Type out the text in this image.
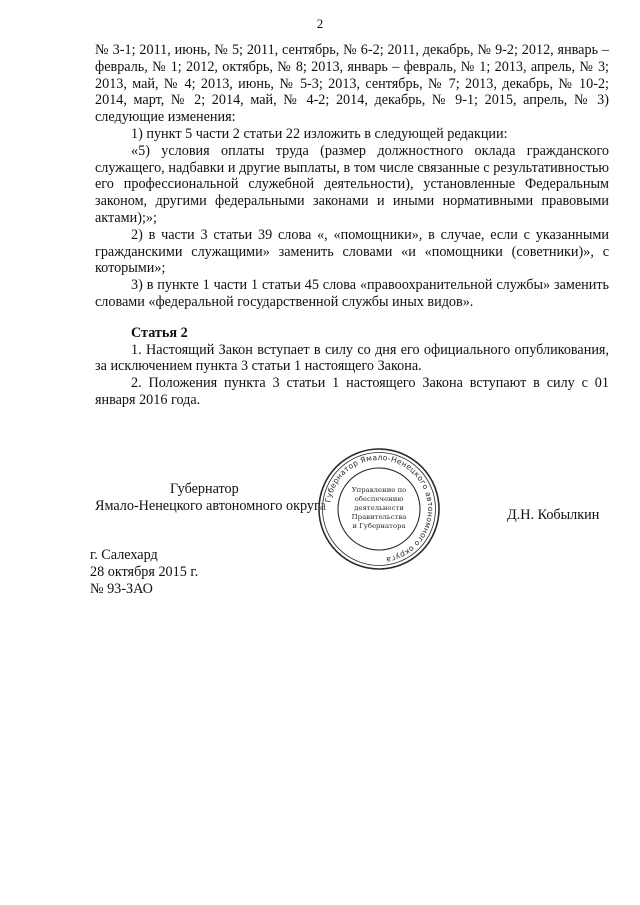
2

№ 3-1; 2011, июнь, № 5; 2011, сентябрь, № 6-2; 2011, декабрь, № 9-2; 2012, январь – февраль, № 1; 2012, октябрь, № 8; 2013, январь – февраль, № 1; 2013, апрель, № 3; 2013, май, № 4; 2013, июнь, № 5-3; 2013, сентябрь, № 7; 2013, декабрь, № 10-2; 2014, март, № 2; 2014, май, № 4-2; 2014, декабрь, № 9-1; 2015, апрель, № 3) следующие изменения:

1) пункт 5 части 2 статьи 22 изложить в следующей редакции:

«5) условия оплаты труда (размер должностного оклада гражданского служащего, надбавки и другие выплаты, в том числе связанные с результативностью его профессиональной служебной деятельности), установленные Федеральным законом, другими федеральными законами и иными нормативными правовыми актами);»;

2) в части 3 статьи 39 слова «, «помощники», в случае, если с указанными гражданскими служащими» заменить словами «и «помощники (советники)», с которыми»;

3) в пункте 1 части 1 статьи 45 слова «правоохранительной службы» заменить словами «федеральной государственной службы иных видов».

Статья 2

1. Настоящий Закон вступает в силу со дня его официального опубликования, за исключением пункта 3 статьи 1 настоящего Закона.

2. Положения пункта 3 статьи 1 настоящего Закона вступают в силу с 01 января 2016 года.

Губернатор
Ямало-Ненецкого автономного округа
Губернатор Ямало-Ненецкого автономного округа
Управление по
обеспечению
деятельности
Правительства
и Губернатора
Д.Н. Кобылкин
г. Салехард
28 октября 2015 г.
№ 93-ЗАО
